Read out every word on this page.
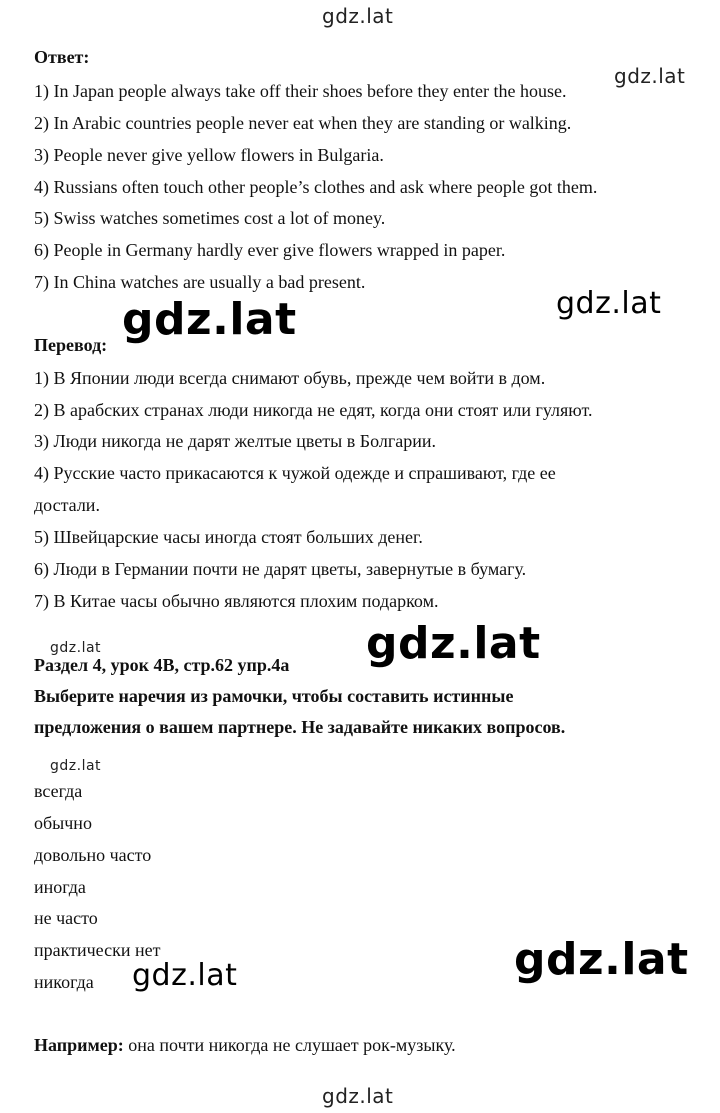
gdz.lat
gdz.lat
gdz.lat	gdz.lat
gdz.lat
gdz.lat
gdz.lat
gdz.lat
gdz.lat
gdz.lat
Ответ:
1) In Japan people always take off their shoes before they enter the house.
2) In Arabic countries people never eat when they are standing or walking.
3) People never give yellow flowers in Bulgaria.
4) Russians often touch other people’s clothes and ask where people got them.
5) Swiss watches sometimes cost a lot of money.
6) People in Germany hardly ever give flowers wrapped in paper.
7) In China watches are usually a bad present.
Перевод:
1) В Японии люди всегда снимают обувь, прежде чем войти в дом.
2) В арабских странах люди никогда не едят, когда они стоят или гуляют.
3) Люди никогда не дарят желтые цветы в Болгарии.
4) Русские часто прикасаются к чужой одежде и спрашивают, где ее
достали.
5) Швейцарские часы иногда стоят больших денег.
6) Люди в Германии почти не дарят цветы, завернутые в бумагу.
7) В Китае часы обычно являются плохим подарком.
Раздел 4, урок 4B, стр.62 упр.4а
Выберите наречия из рамочки, чтобы составить истинные
предложения о вашем партнере. Не задавайте никаких вопросов.
всегда
обычно
довольно часто
иногда
не часто
практически нет
никогда
Например: она почти никогда не слушает рок-музыку.
